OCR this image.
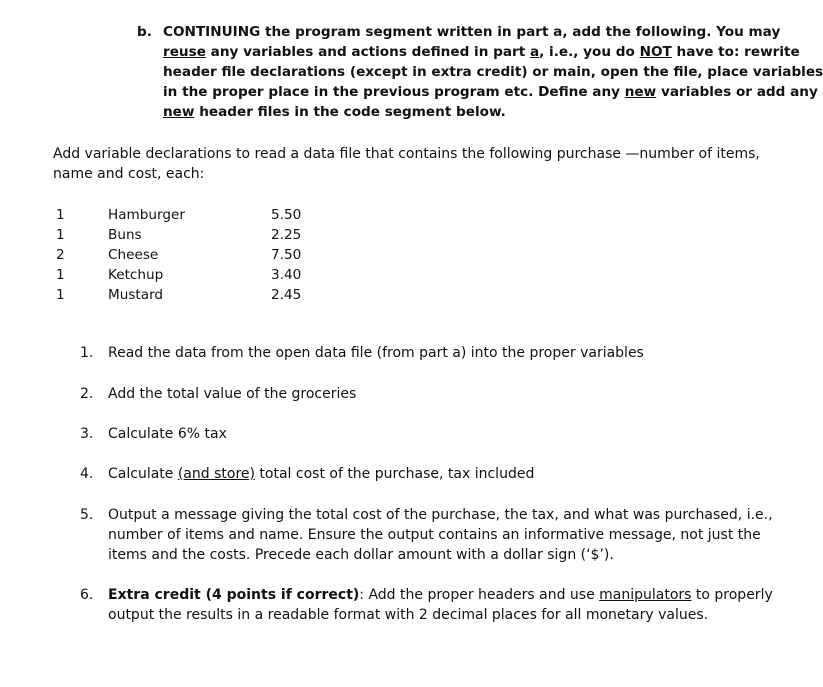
b. CONTINUING the program segment written in part a, add the following. You may
reuse any variables and actions defined in part a, i.e., you do NOT have to: rewrite
header file declarations (except in extra credit) or main, open the file, place variables
in the proper place in the previous program etc. Define any new variables or add any
new header files in the code segment below.
Add variable declarations to read a data file that contains the following purchase —number of items,
name and cost, each:
1	Hamburger	5.50
1	Buns	2.25
2	Cheese	7.50
1	Ketchup	3.40
1	Mustard	2.45
1. Read the data from the open data file (from part a) into the proper variables
2. Add the total value of the groceries
3. Calculate 6% tax
4. Calculate (and store) total cost of the purchase, tax included
5. Output a message giving the total cost of the purchase, the tax, and what was purchased, i.e.,
number of items and name. Ensure the output contains an informative message, not just the
items and the costs. Precede each dollar amount with a dollar sign (‘$’).
6. Extra credit (4 points if correct): Add the proper headers and use manipulators to properly
output the results in a readable format with 2 decimal places for all monetary values.
